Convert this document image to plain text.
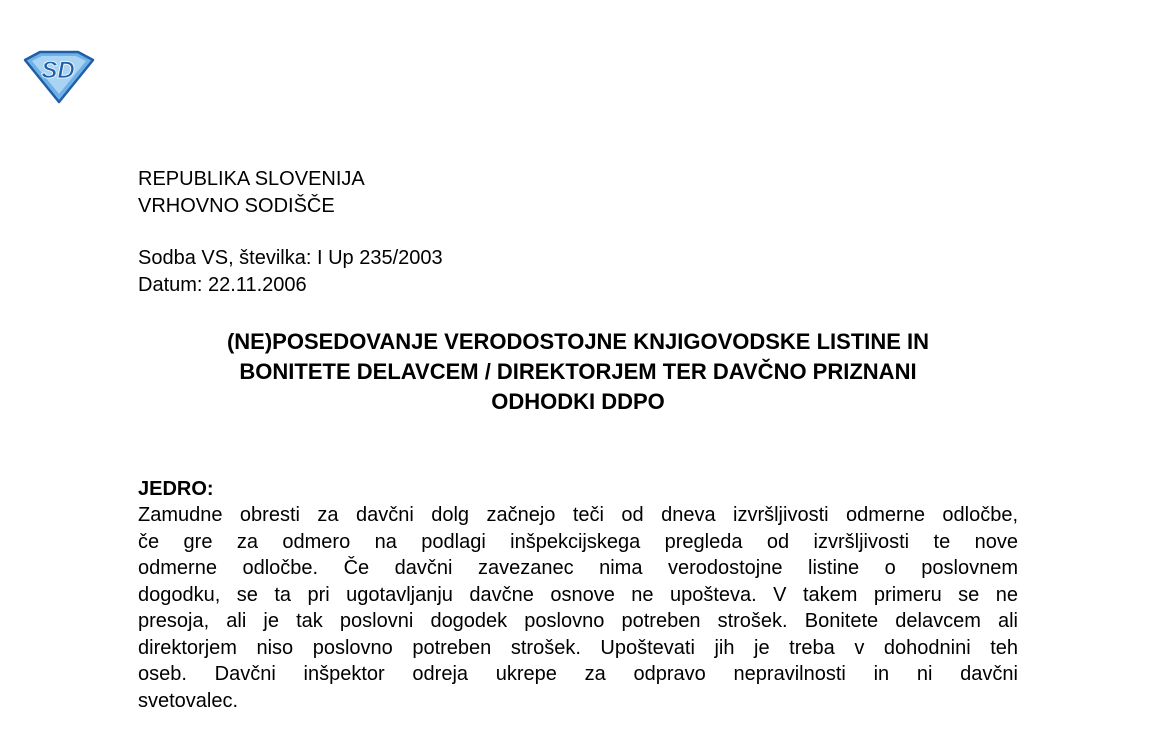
SD
REPUBLIKA SLOVENIJA
VRHOVNO SODIŠČE
Sodba VS, številka: I Up 235/2003
Datum: 22.11.2006
(NE)POSEDOVANJE VERODOSTOJNE KNJIGOVODSKE LISTINE IN
BONITETE DELAVCEM / DIREKTORJEM TER DAVČNO PRIZNANI
ODHODKI DDPO
JEDRO:
Zamudne obresti za davčni dolg začnejo teči od dneva izvršljivosti odmerne odločbe,
če gre za odmero na podlagi inšpekcijskega pregleda od izvršljivosti te nove
odmerne odločbe. Če davčni zavezanec nima verodostojne listine o poslovnem
dogodku, se ta pri ugotavljanju davčne osnove ne upošteva. V takem primeru se ne
presoja, ali je tak poslovni dogodek poslovno potreben strošek. Bonitete delavcem ali
direktorjem niso poslovno potreben strošek. Upoštevati jih je treba v dohodnini teh
oseb. Davčni inšpektor odreja ukrepe za odpravo nepravilnosti in ni davčni
svetovalec.
